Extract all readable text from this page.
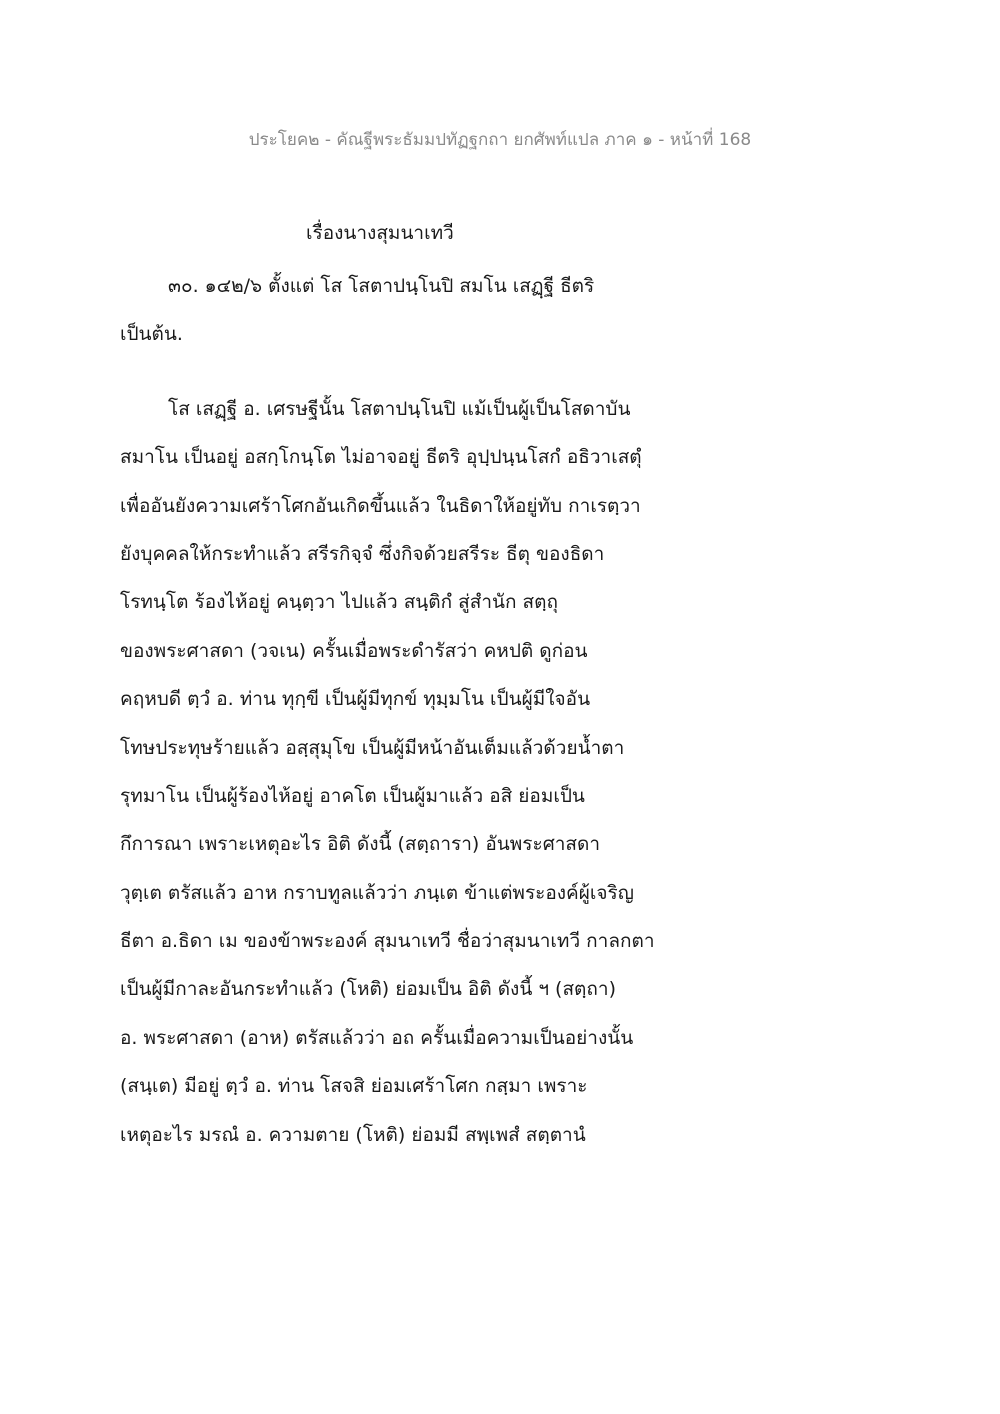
ประโยค๒ - คัณฐีพระธัมมปทัฏฐกถา ยกศัพท์แปล ภาค ๑ - หน้าที่ 168
เรื่องนางสุมนาเทวี
๓๐. ๑๔๒/๖ ตั้งแต่ โส โสตาปนฺโนปิ สมโน เสฏฺฐี ธีตริ
เป็นต้น.
โส เสฏฺฐี อ. เศรษฐีนั้น โสตาปนฺโนปิ แม้เป็นผู้เป็นโสดาบัน
สมาโน เป็นอยู่ อสกฺโกนฺโต ไม่อาจอยู่ ธีตริ อุปฺปนฺนโสกํ อธิวาเสตุํ
เพื่ออันยังความเศร้าโศกอันเกิดขึ้นแล้ว ในธิดาให้อยู่ทับ กาเรตฺวา
ยังบุคคลให้กระทำแล้ว สรีรกิจฺจํ ซึ่งกิจด้วยสรีระ ธีตุ ของธิดา
โรทนฺโต ร้องไห้อยู่ คนฺตฺวา ไปแล้ว สนฺติกํ สู่สำนัก สตฺถุ
ของพระศาสดา (วจเน) ครั้นเมื่อพระดำรัสว่า คหปติ ดูก่อน
คฤหบดี ตฺวํ อ. ท่าน ทุกฺขี เป็นผู้มีทุกข์ ทุมฺมโน เป็นผู้มีใจอัน
โทษประทุษร้ายแล้ว อสฺสุมุโข เป็นผู้มีหน้าอันเต็มแล้วด้วยน้ำตา
รุทมาโน เป็นผู้ร้องไห้อยู่ อาคโต เป็นผู้มาแล้ว อสิ ย่อมเป็น
กึการณา เพราะเหตุอะไร อิติ ดังนี้ (สตฺถารา) อันพระศาสดา
วุตฺเต ตรัสแล้ว อาห กราบทูลแล้วว่า ภนฺเต ข้าแต่พระองค์ผู้เจริญ
ธีตา อ.ธิดา เม ของข้าพระองค์ สุมนาเทวี ชื่อว่าสุมนาเทวี กาลกตา
เป็นผู้มีกาละอันกระทำแล้ว (โหติ) ย่อมเป็น อิติ ดังนี้ ฯ (สตฺถา)
อ. พระศาสดา (อาห) ตรัสแล้วว่า อถ ครั้นเมื่อความเป็นอย่างนั้น
(สนฺเต) มีอยู่ ตฺวํ อ. ท่าน โสจสิ ย่อมเศร้าโศก กสฺมา เพราะ
เหตุอะไร มรณํ อ. ความตาย (โหติ) ย่อมมี สพฺเพสํ สตฺตานํ
